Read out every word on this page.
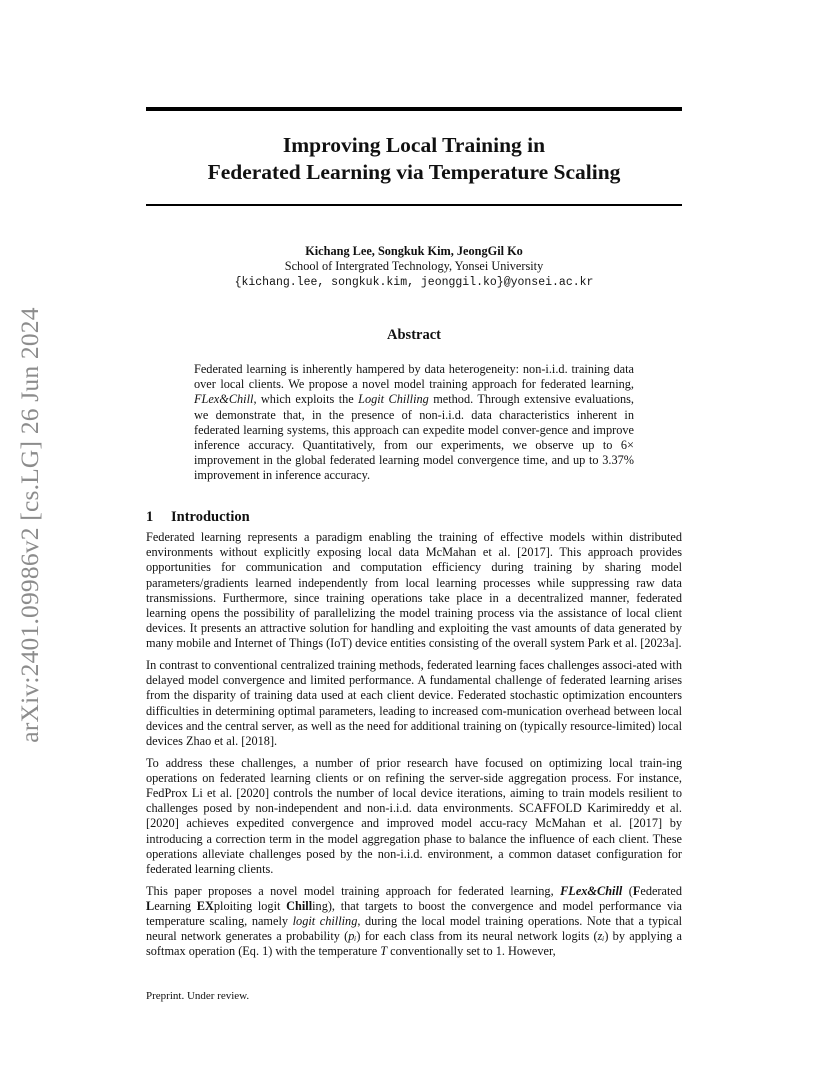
arXiv:2401.09986v2 [cs.LG] 26 Jun 2024
Improving Local Training in
Federated Learning via Temperature Scaling
Kichang Lee, Songkuk Kim, JeongGil Ko
School of Intergrated Technology, Yonsei University
{kichang.lee, songkuk.kim, jeonggil.ko}@yonsei.ac.kr
Abstract
Federated learning is inherently hampered by data heterogeneity: non-i.i.d. training data over local clients. We propose a novel model training approach for federated learning, FLex&Chill, which exploits the Logit Chilling method. Through extensive evaluations, we demonstrate that, in the presence of non-i.i.d. data characteristics inherent in federated learning systems, this approach can expedite model conver-gence and improve inference accuracy. Quantitatively, from our experiments, we observe up to 6× improvement in the global federated learning model convergence time, and up to 3.37% improvement in inference accuracy.
1 Introduction

Federated learning represents a paradigm enabling the training of effective models within distributed environments without explicitly exposing local data McMahan et al. [2017]. This approach provides opportunities for communication and computation efficiency during training by sharing model parameters/gradients learned independently from local learning processes while suppressing raw data transmissions. Furthermore, since training operations take place in a decentralized manner, federated learning opens the possibility of parallelizing the model training process via the assistance of local client devices. It presents an attractive solution for handling and exploiting the vast amounts of data generated by many mobile and Internet of Things (IoT) device entities consisting of the overall system Park et al. [2023a].

In contrast to conventional centralized training methods, federated learning faces challenges associ-ated with delayed model convergence and limited performance. A fundamental challenge of federated learning arises from the disparity of training data used at each client device. Federated stochastic optimization encounters difficulties in determining optimal parameters, leading to increased com-munication overhead between local devices and the central server, as well as the need for additional training on (typically resource-limited) local devices Zhao et al. [2018].

To address these challenges, a number of prior research have focused on optimizing local train-ing operations on federated learning clients or on refining the server-side aggregation process. For instance, FedProx Li et al. [2020] controls the number of local device iterations, aiming to train models resilient to challenges posed by non-independent and non-i.i.d. data environments. SCAFFOLD Karimireddy et al. [2020] achieves expedited convergence and improved model accu-racy McMahan et al. [2017] by introducing a correction term in the model aggregation phase to balance the influence of each client. These operations alleviate challenges posed by the non-i.i.d. environment, a common dataset configuration for federated learning clients.

This paper proposes a novel model training approach for federated learning, FLex&Chill (Federated Learning EXploiting logit Chilling), that targets to boost the convergence and model performance via temperature scaling, namely logit chilling, during the local model training operations. Note that a typical neural network generates a probability (pᵢ) for each class from its neural network logits (zᵢ) by applying a softmax operation (Eq. 1) with the temperature T conventionally set to 1. However,

Preprint. Under review.
